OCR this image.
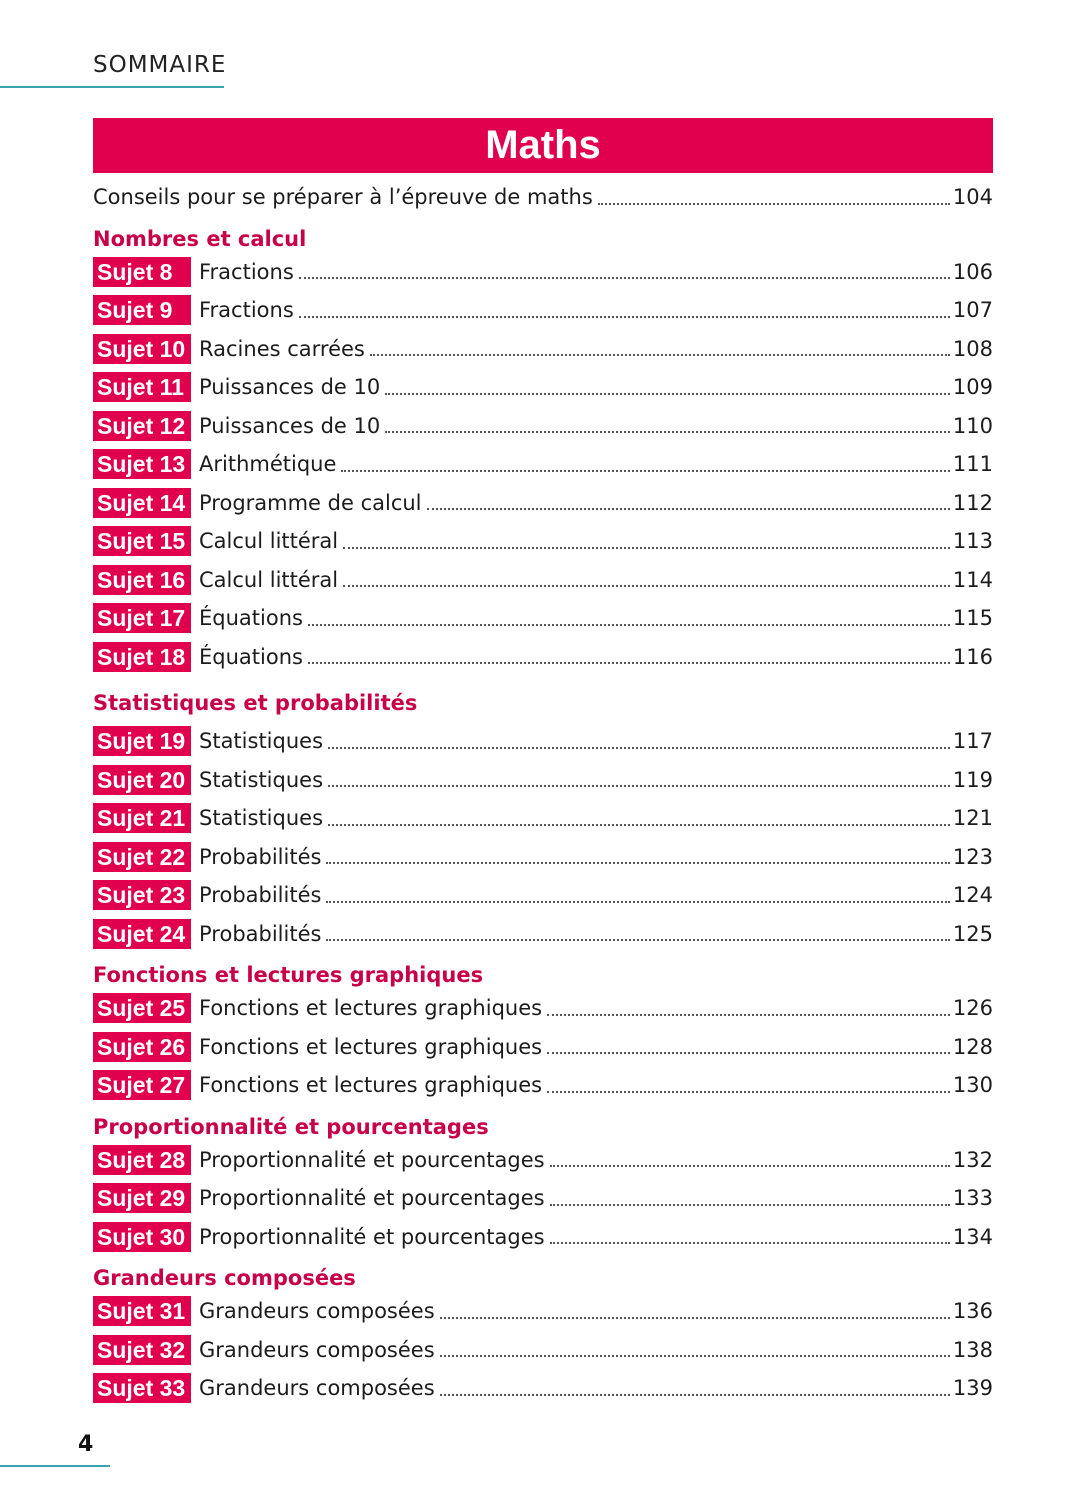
SOMMAIRE
Maths
Conseils pour se préparer à l’épreuve de maths	104
Nombres et calcul
Sujet 8	Fractions	106
Sujet 9	Fractions	107
Sujet 10 Racines carrées	108
Sujet 11 Puissances de 10	109
Sujet 12 Puissances de 10	110
Sujet 13 Arithmétique	111
Sujet 14 Programme de calcul	112
Sujet 15 Calcul littéral	113
Sujet 16 Calcul littéral	114
Sujet 17 Équations	115
Sujet 18 Équations	116
Statistiques et probabilités
Sujet 19 Statistiques	117
Sujet 20 Statistiques	119
Sujet 21 Statistiques	121
Sujet 22 Probabilités	123
Sujet 23 Probabilités	124
Sujet 24 Probabilités	125
Fonctions et lectures graphiques
Sujet 25 Fonctions et lectures graphiques	126
Sujet 26 Fonctions et lectures graphiques	128
Sujet 27 Fonctions et lectures graphiques	130
Proportionnalité et pourcentages
Sujet 28 Proportionnalité et pourcentages	132
Sujet 29 Proportionnalité et pourcentages	133
Sujet 30 Proportionnalité et pourcentages	134
Grandeurs composées
Sujet 31 Grandeurs composées	136
Sujet 32 Grandeurs composées	138
Sujet 33 Grandeurs composées	139
4
